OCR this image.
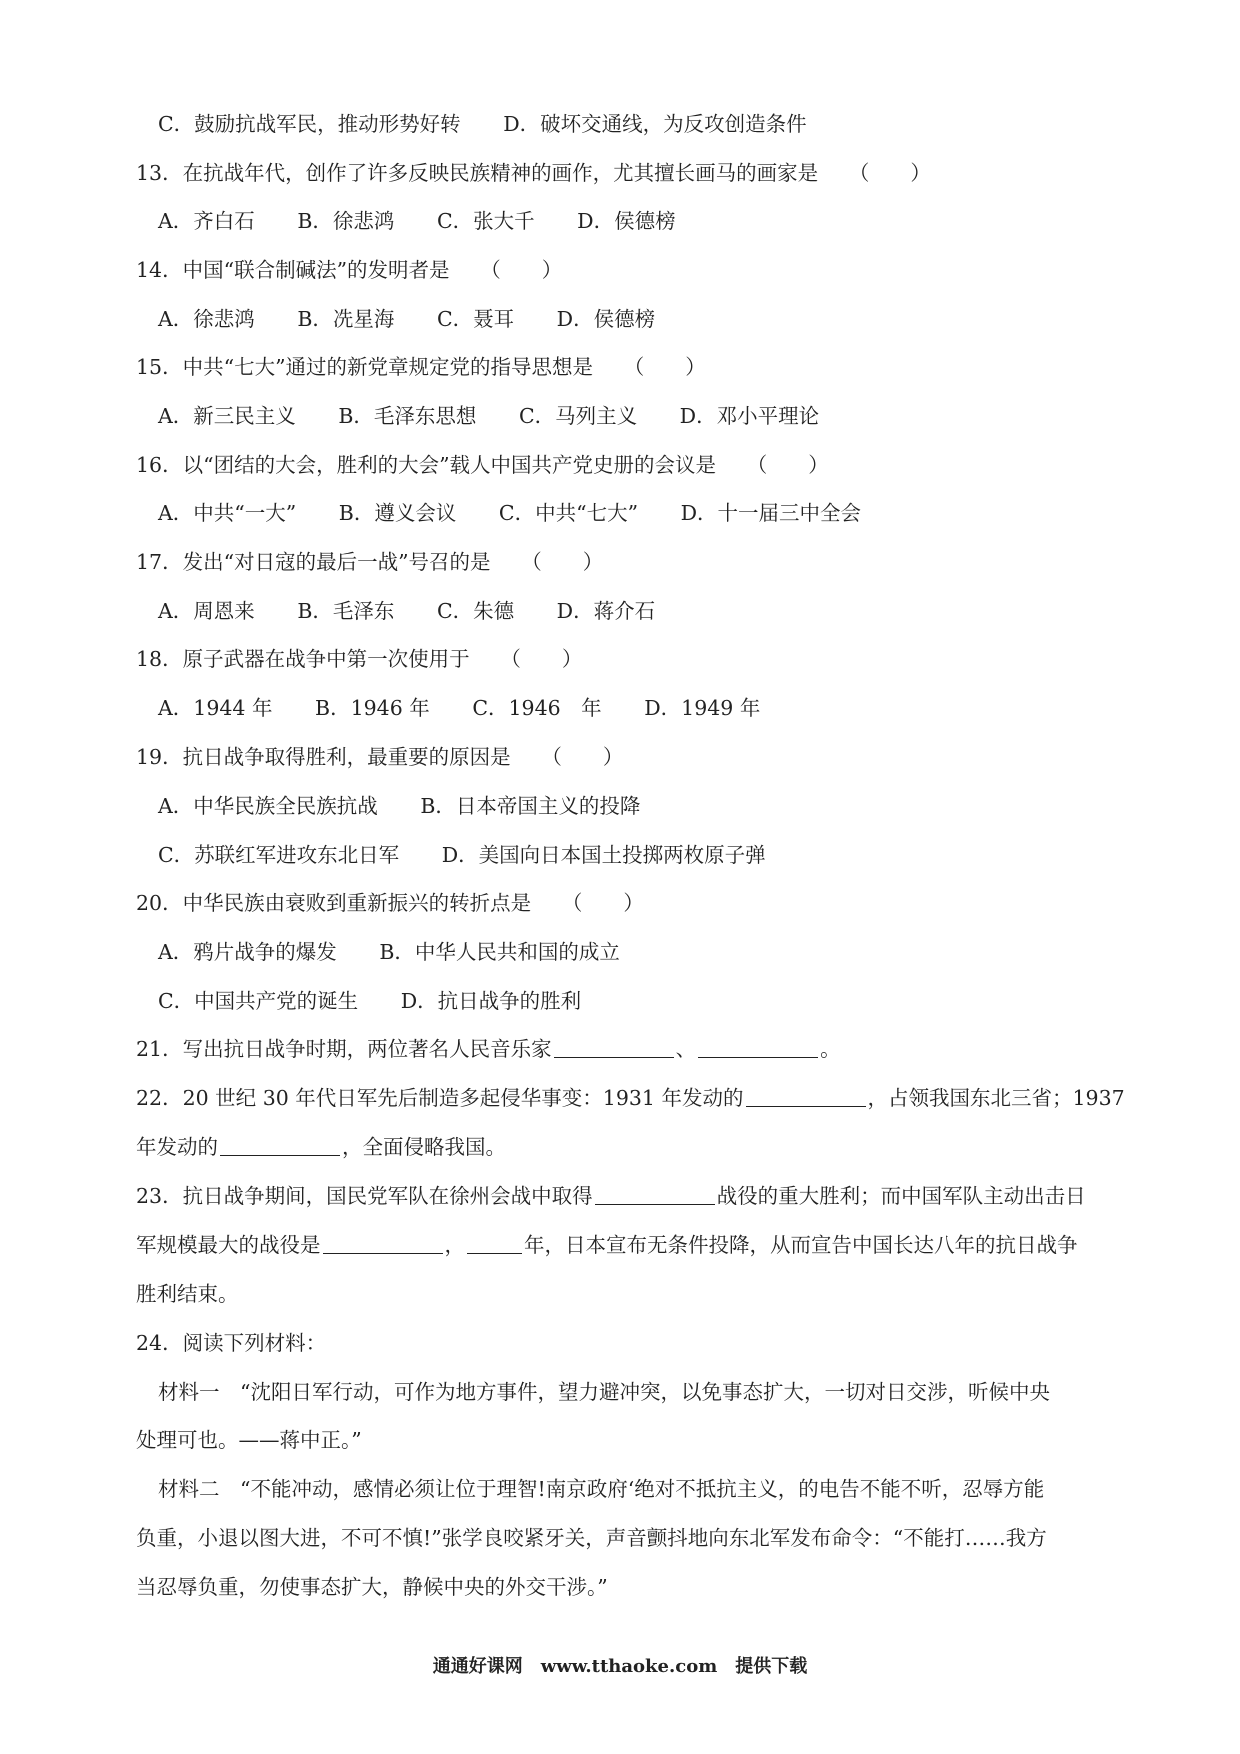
C．鼓励抗战军民，推动形势好转 D．破坏交通线，为反攻创造条件
13．在抗战年代，创作了许多反映民族精神的画作，尤其擅长画马的画家是　　（　　）
A．齐白石 B．徐悲鸿 C．张大千 D．侯德榜
14．中国“联合制碱法”的发明者是　　（　　）
A．徐悲鸿 B．冼星海 C．聂耳 D．侯德榜
15．中共“七大”通过的新党章规定党的指导思想是　　（　　）
A．新三民主义 B．毛泽东思想 C．马列主义 D．邓小平理论
16．以“团结的大会，胜利的大会”载人中国共产党史册的会议是　　（　　）
A．中共“一大” B．遵义会议 C．中共“七大” D．十一届三中全会
17．发出“对日寇的最后一战”号召的是　　（　　）
A．周恩来 B．毛泽东 C．朱德 D．蒋介石
18．原子武器在战争中第一次使用于　　（　　）
A．1944 年 B．1946 年 C．1946　年 D．1949 年
19．抗日战争取得胜利，最重要的原因是　　（　　）
A．中华民族全民族抗战 B．日本帝国主义的投降
C．苏联红军进攻东北日军 D．美国向日本国土投掷两枚原子弹
20．中华民族由衰败到重新振兴的转折点是　　（　　）
A．鸦片战争的爆发 B．中华人民共和国的成立
C．中国共产党的诞生 D．抗日战争的胜利
21．写出抗日战争时期，两位著名人民音乐家	、	。
22．20 世纪 30 年代日军先后制造多起侵华事变：1931 年发动的	，占领我国东北三省；1937
年发动的	，全面侵略我国。
23．抗日战争期间，国民党军队在徐州会战中取得	战役的重大胜利；而中国军队主动出击日
军规模最大的战役是	，	年，日本宣布无条件投降，从而宣告中国长达八年的抗日战争
胜利结束。
24．阅读下列材料：
材料一　“沈阳日军行动，可作为地方事件，望力避冲突，以免事态扩大，一切对日交涉，听候中央
处理可也。——蒋中正。”
材料二　“不能冲动，感情必须让位于理智!南京政府‘绝对不抵抗主义，的电告不能不听，忍辱方能
负重，小退以图大进，不可不慎!”张学良咬紧牙关，声音颤抖地向东北军发布命令：“不能打……我方
当忍辱负重，勿使事态扩大，静候中央的外交干涉。”
通通好课网　www.tthaoke.com　提供下载
